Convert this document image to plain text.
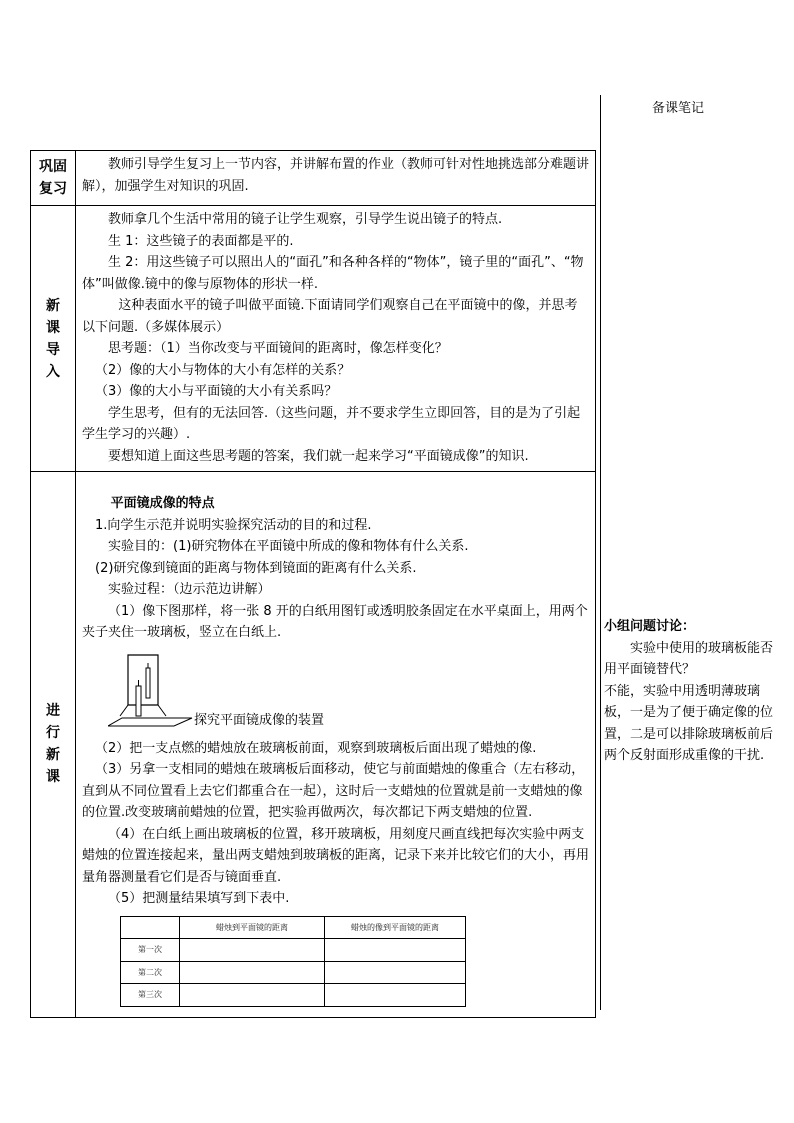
备课笔记
巩固
复习

教师引导学生复习上一节内容，并讲解布置的作业（教师可针对性地挑选部分难题讲解），加强学生对知识的巩固.

新
课
导
入

教师拿几个生活中常用的镜子让学生观察，引导学生说出镜子的特点.

生 1：这些镜子的表面都是平的.

生 2：用这些镜子可以照出人的“面孔”和各种各样的“物体”，镜子里的“面孔”、“物体”叫做像.镜中的像与原物体的形状一样.

这种表面水平的镜子叫做平面镜.下面请同学们观察自己在平面镜中的像，并思考以下问题.（多媒体展示）

思考题：（1）当你改变与平面镜间的距离时，像怎样变化？

（2）像的大小与物体的大小有怎样的关系？

（3）像的大小与平面镜的大小有关系吗？

学生思考，但有的无法回答.（这些问题，并不要求学生立即回答，目的是为了引起学生学习的兴趣）.

要想知道上面这些思考题的答案，我们就一起来学习“平面镜成像”的知识.

进
行
新
课

平面镜成像的特点

1.向学生示范并说明实验探究活动的目的和过程.

实验目的：(1)研究物体在平面镜中所成的像和物体有什么关系.

(2)研究像到镜面的距离与物体到镜面的距离有什么关系.

实验过程：（边示范边讲解）

（1）像下图那样，将一张 8 开的白纸用图钉或透明胶条固定在水平桌面上，用两个夹子夹住一玻璃板，竖立在白纸上.

探究平面镜成像的装置

（2）把一支点燃的蜡烛放在玻璃板前面，观察到玻璃板后面出现了蜡烛的像.

（3）另拿一支相同的蜡烛在玻璃板后面移动，使它与前面蜡烛的像重合（左右移动，直到从不同位置看上去它们都重合在一起），这时后一支蜡烛的位置就是前一支蜡烛的像的位置.改变玻璃前蜡烛的位置，把实验再做两次，每次都记下两支蜡烛的位置.

（4）在白纸上画出玻璃板的位置，移开玻璃板，用刻度尺画直线把每次实验中两支蜡烛的位置连接起来，量出两支蜡烛到玻璃板的距离，记录下来并比较它们的大小，再用量角器测量看它们是否与镜面垂直.

（5）把测量结果填写到下表中.

	蜡烛到平面镜的距离	蜡烛的像到平面镜的距离
第一次		
第二次		
第三次		

小组问题讨论：

实验中使用的玻璃板能否用平面镜替代？

不能，实验中用透明薄玻璃板，一是为了便于确定像的位置，二是可以排除玻璃板前后两个反射面形成重像的干扰.
